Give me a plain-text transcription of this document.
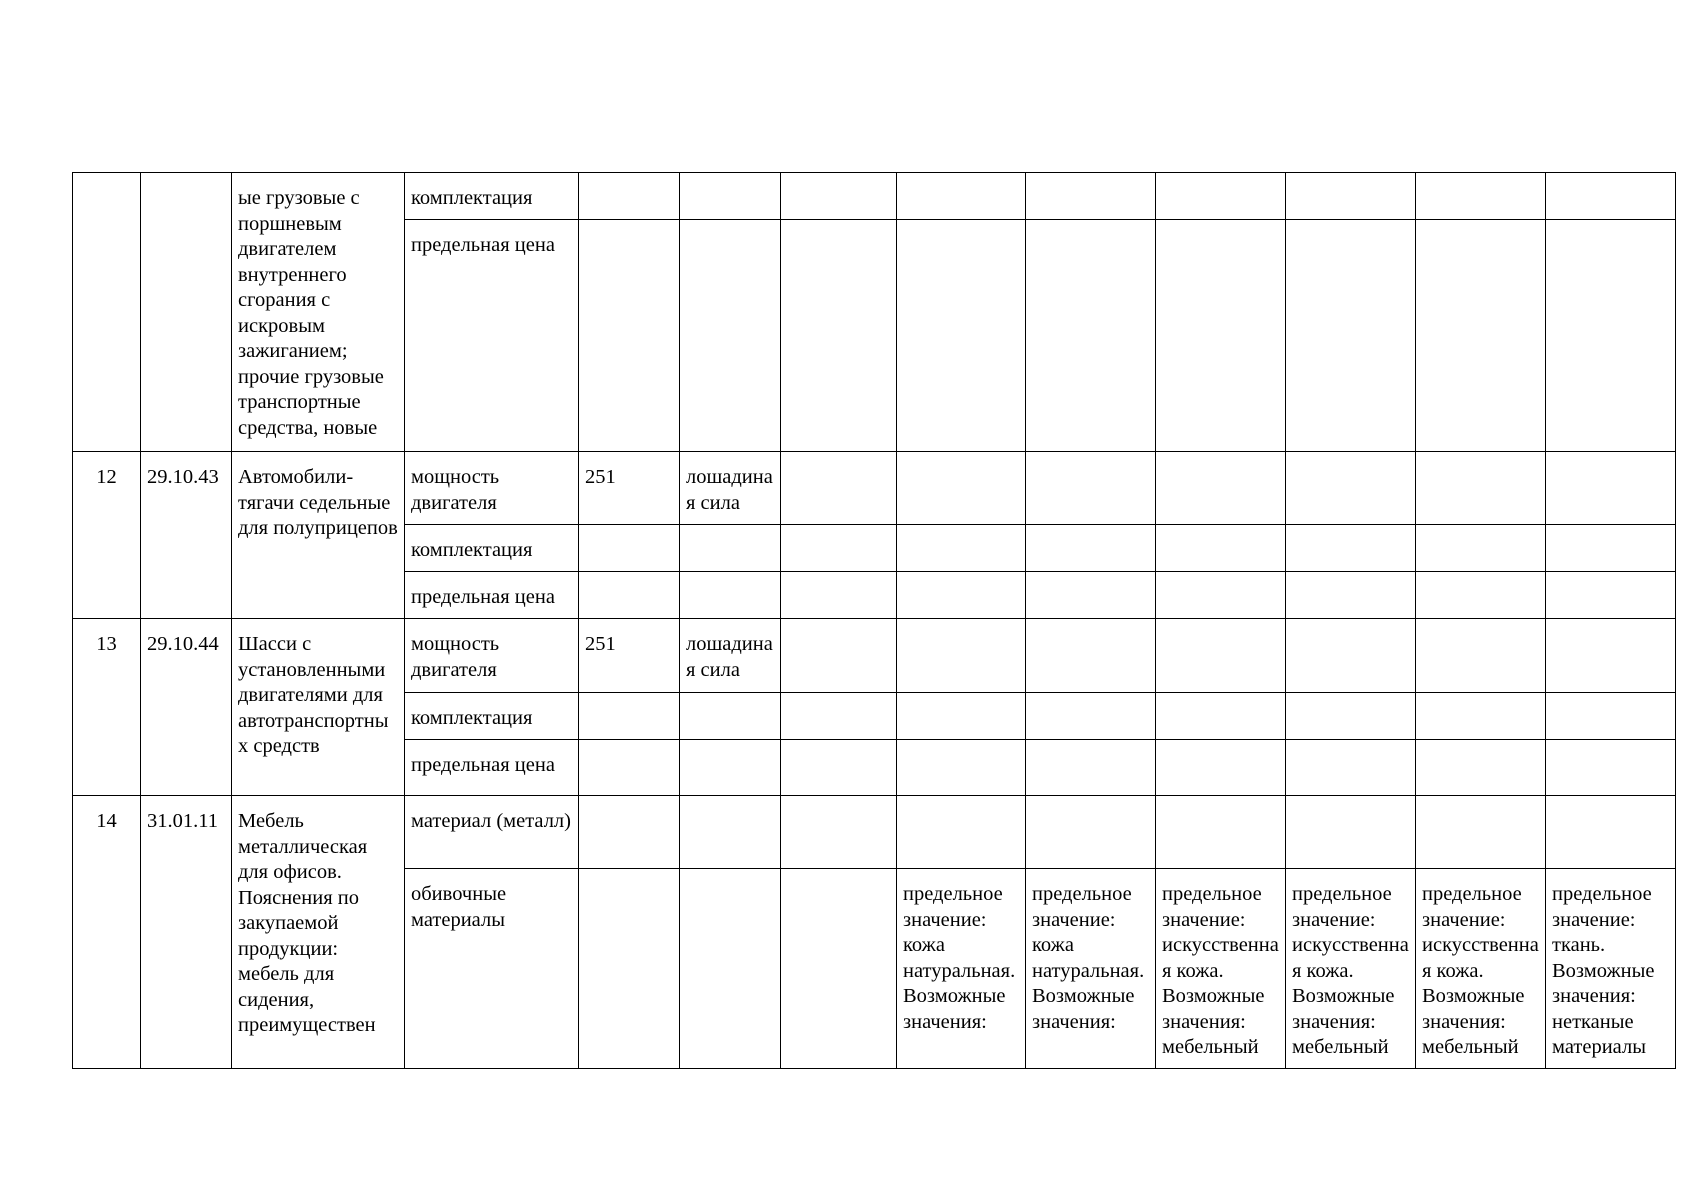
		ые грузовые с поршневым двигателем внутреннего сгорания с искровым зажиганием; прочие грузовые транспортные средства, новые	комплектация									
			предельная цена									
12	29.10.43	Автомобили-тягачи седельные для полуприцепов	мощность двигателя	251	лошадиная сила							
			комплектация									
			предельная цена									
13	29.10.44	Шасси с установленными двигателями для автотранспортных средств	мощность двигателя	251	лошадиная сила							
			комплектация									
			предельная цена									
14	31.01.11	Мебель металлическая для офисов. Пояснения по закупаемой продукции: мебель для сидения, преимуществен	материал (металл)									
			обивочные материалы				предельное значение: кожа натуральная. Возможные значения:	предельное значение: кожа натуральная. Возможные значения:	предельное значение: искусственная кожа. Возможные значения: мебельный	предельное значение: искусственная кожа. Возможные значения: мебельный	предельное значение: искусственная кожа. Возможные значения: мебельный	предельное значение: ткань. Возможные значения: нетканые материалы
